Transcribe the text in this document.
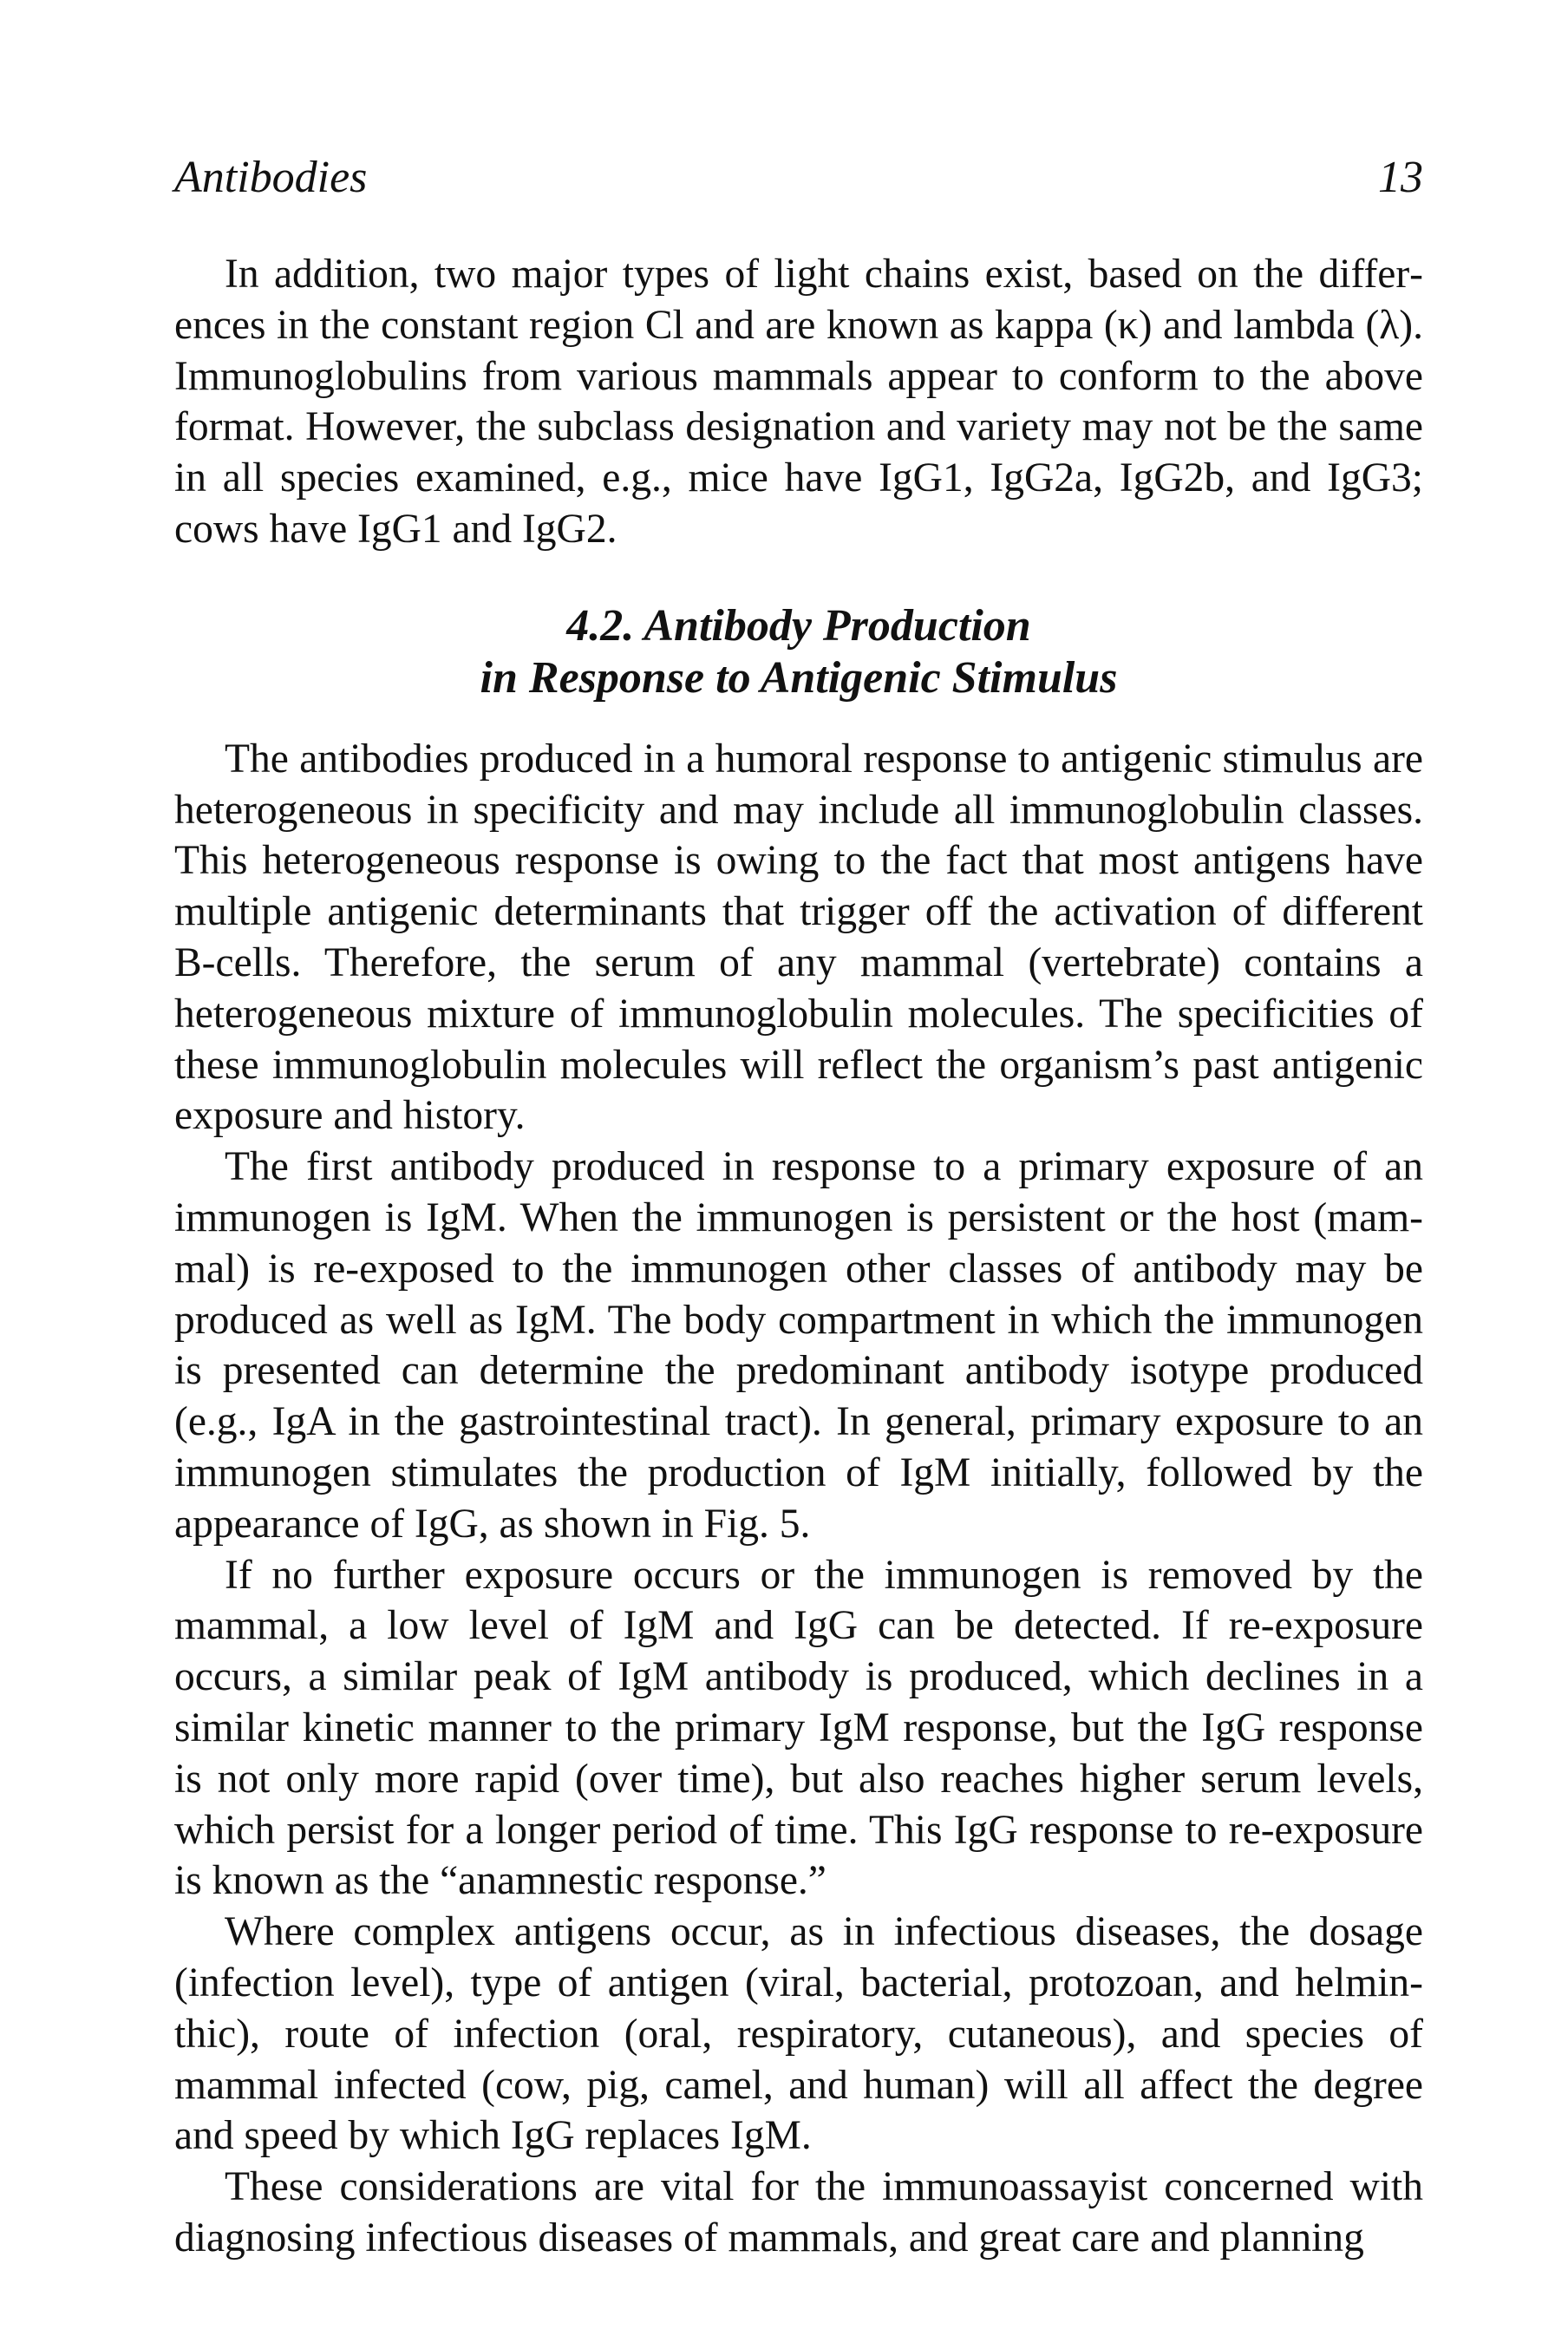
Antibodies	13

In addition, two major types of light chains exist, based on the differences in the constant region Cl and are known as kappa (κ) and lambda (λ). Immunoglobulins from various mammals appear to conform to the above format. However, the subclass designation and variety may not be the same in all species examined, e.g., mice have IgG1, IgG2a, IgG2b, and IgG3; cows have IgG1 and IgG2.

4.2. Antibody Production
in Response to Antigenic Stimulus

The antibodies produced in a humoral response to antigenic stimulus are heterogeneous in specificity and may include all immunoglobulin classes. This heterogeneous response is owing to the fact that most antigens have multiple antigenic determinants that trigger off the activation of different B-cells. Therefore, the serum of any mammal (vertebrate) contains a heterogeneous mixture of immunoglobulin molecules. The specificities of these immunoglobulin molecules will reflect the organism’s past antigenic exposure and history.

The first antibody produced in response to a primary exposure of an immunogen is IgM. When the immunogen is persistent or the host (mammal) is re-exposed to the immunogen other classes of antibody may be produced as well as IgM. The body compartment in which the immunogen is presented can determine the predominant antibody isotype produced (e.g., IgA in the gastrointestinal tract). In general, primary exposure to an immunogen stimulates the production of IgM initially, followed by the appearance of IgG, as shown in Fig. 5.

If no further exposure occurs or the immunogen is removed by the mammal, a low level of IgM and IgG can be detected. If re-exposure occurs, a similar peak of IgM antibody is produced, which declines in a similar kinetic manner to the primary IgM response, but the IgG response is not only more rapid (over time), but also reaches higher serum levels, which persist for a longer period of time. This IgG response to re-exposure is known as the “anamnestic response.”

Where complex antigens occur, as in infectious diseases, the dosage (infection level), type of antigen (viral, bacterial, protozoan, and helminthic), route of infection (oral, respiratory, cutaneous), and species of mammal infected (cow, pig, camel, and human) will all affect the degree and speed by which IgG replaces IgM.

These considerations are vital for the immunoassayist concerned with diagnosing infectious diseases of mammals, and great care and planning
